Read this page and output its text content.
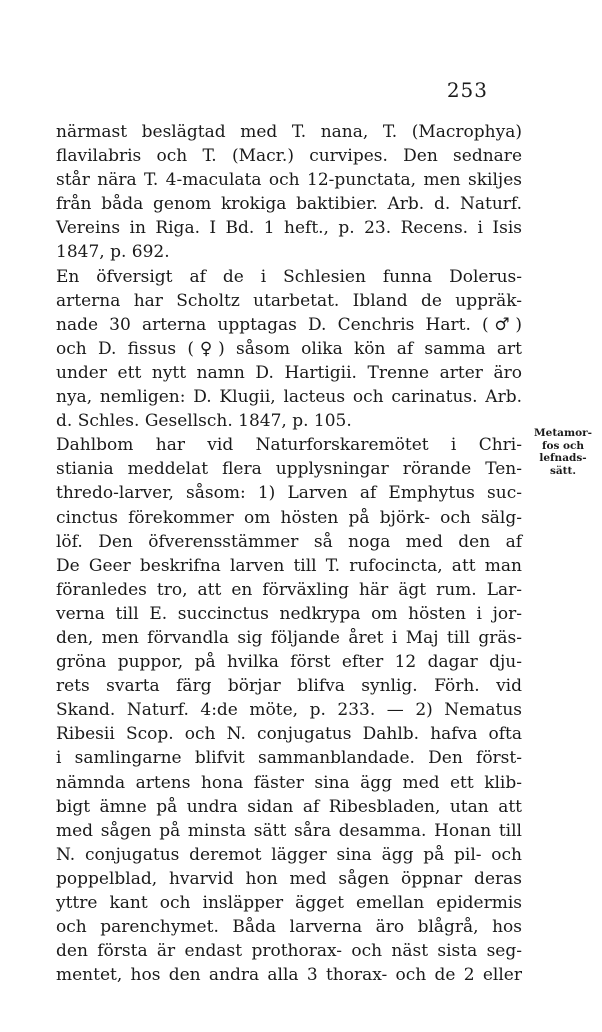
253
närmast beslägtad med T. nana, T. (Macrophya)
flavilabris och T. (Macr.) curvipes. Den sednare
står nära T. 4-maculata och 12-punctata, men skiljes
från båda genom krokiga baktibier. Arb. d. Naturf.
Vereins in Riga. I Bd. 1 heft., p. 23. Recens. i Isis
1847, p. 692.
En öfversigt af de i Schlesien funna Dolerus-
arterna har Scholtz utarbetat. Ibland de uppräk-
nade 30 arterna upptagas D. Cenchris Hart. (♂)
och D. fissus (♀) såsom olika kön af samma art
under ett nytt namn D. Hartigii. Trenne arter äro
nya, nemligen: D. Klugii, lacteus och carinatus. Arb.
d. Schles. Gesellsch. 1847, p. 105.
Dahlbom har vid Naturforskaremötet i Chri-
stiania meddelat flera upplysningar rörande Ten-
thredo-larver, såsom: 1) Larven af Emphytus suc-
cinctus förekommer om hösten på björk- och sälg-
löf. Den öfverensstämmer så noga med den af
De Geer beskrifna larven till T. rufocincta, att man
föranledes tro, att en förväxling här ägt rum. Lar-
verna till E. succinctus nedkrypa om hösten i jor-
den, men förvandla sig följande året i Maj till gräs-
gröna puppor, på hvilka först efter 12 dagar dju-
rets svarta färg börjar blifva synlig. Förh. vid
Skand. Naturf. 4:de möte, p. 233. — 2) Nematus
Ribesii Scop. och N. conjugatus Dahlb. hafva ofta
i samlingarne blifvit sammanblandade. Den först-
nämnda artens hona fäster sina ägg med ett klib-
bigt ämne på undra sidan af Ribesbladen, utan att
med sågen på minsta sätt såra desamma. Honan till
N. conjugatus deremot lägger sina ägg på pil- och
poppelblad, hvarvid hon med sågen öppnar deras
yttre kant och insläpper ägget emellan epidermis
och parenchymet. Båda larverna äro blågrå, hos
den första är endast prothorax- och näst sista seg-
mentet, hos den andra alla 3 thorax- och de 2 eller
Metamor-
fos och
lefnads-
sätt.
